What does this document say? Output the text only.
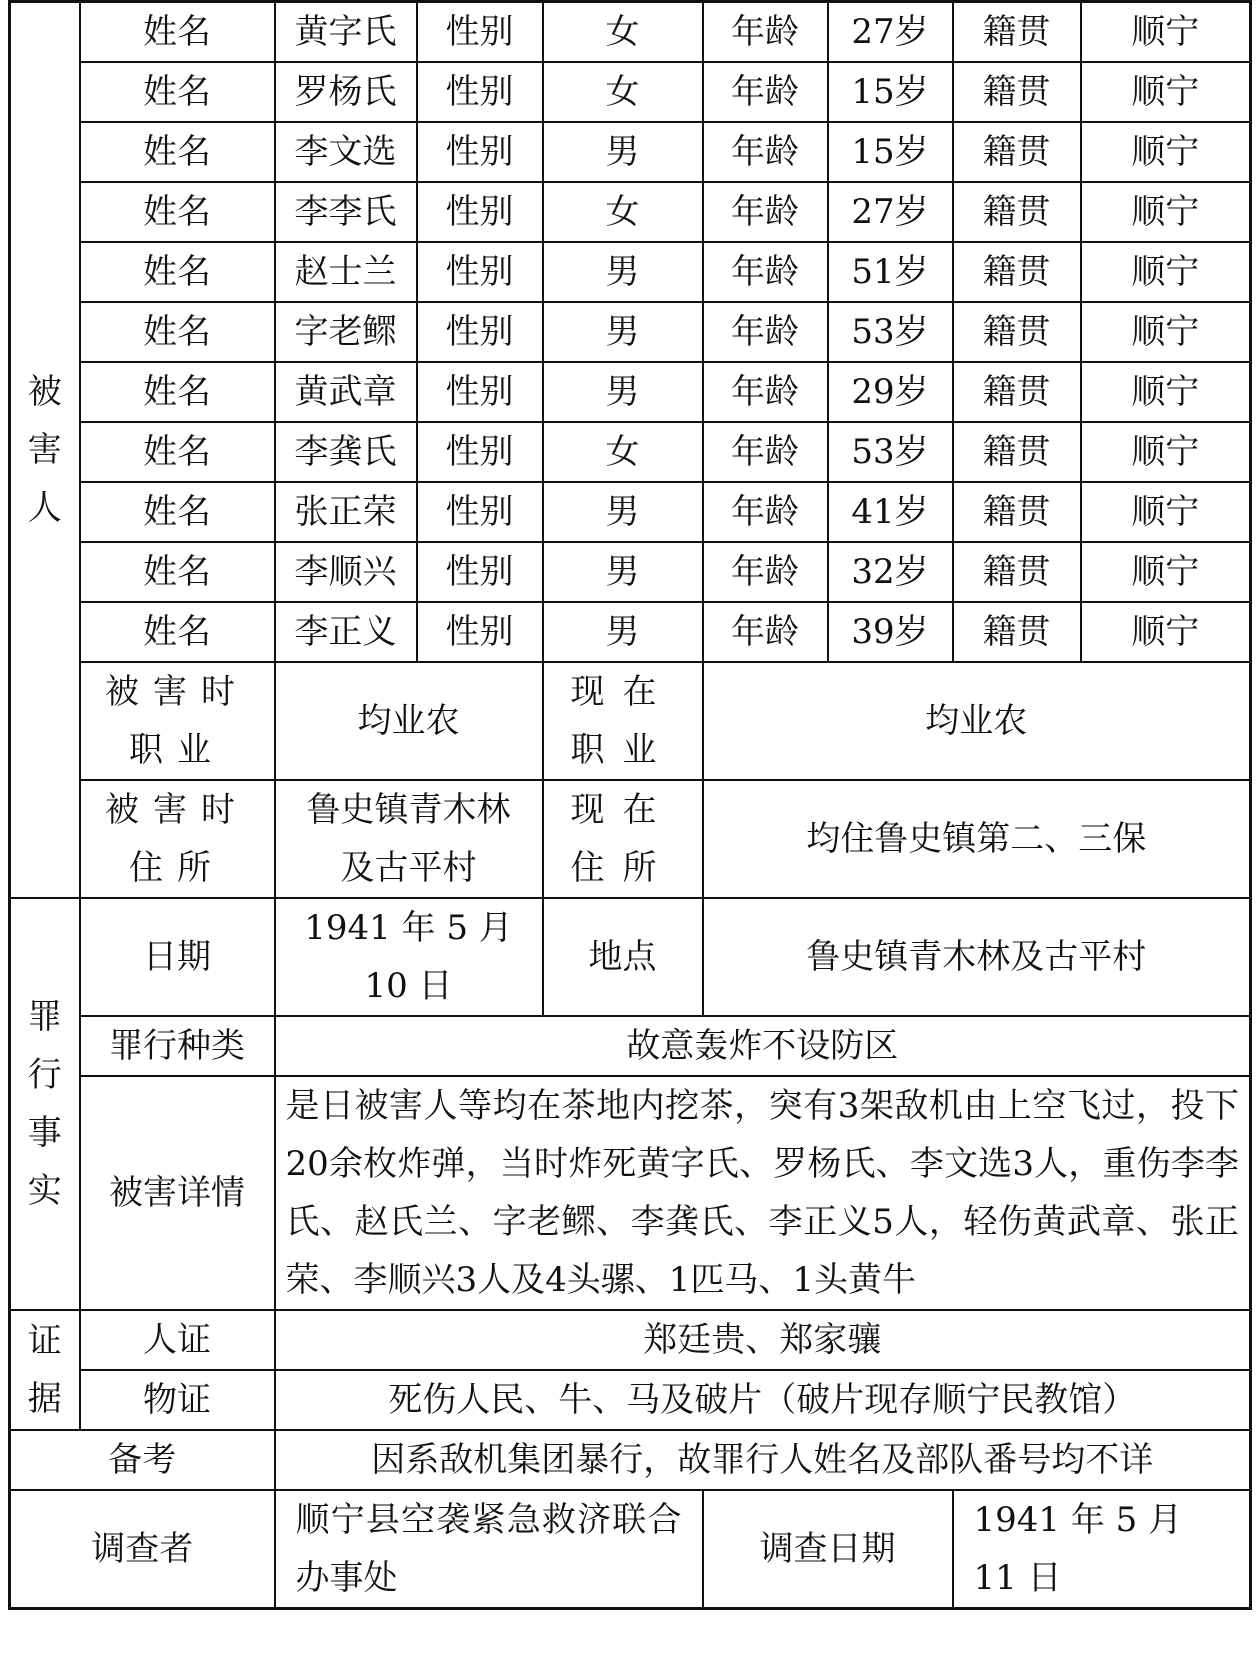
被
害
人	姓名	黄字氏	性别	女	年龄	27岁	籍贯	顺宁
	姓名	罗杨氏	性别	女	年龄	15岁	籍贯	顺宁
	姓名	李文选	性别	男	年龄	15岁	籍贯	顺宁
	姓名	李李氏	性别	女	年龄	27岁	籍贯	顺宁
	姓名	赵士兰	性别	男	年龄	51岁	籍贯	顺宁
	姓名	字老鳏	性别	男	年龄	53岁	籍贯	顺宁
	姓名	黄武章	性别	男	年龄	29岁	籍贯	顺宁
	姓名	李龚氏	性别	女	年龄	53岁	籍贯	顺宁
	姓名	张正荣	性别	男	年龄	41岁	籍贯	顺宁
	姓名	李顺兴	性别	男	年龄	32岁	籍贯	顺宁
	姓名	李正义	性别	男	年龄	39岁	籍贯	顺宁
	被害时职业	均业农		现在职业	均业农			
	被害时住所	鲁史镇青木林及古平村		现在住所	均住鲁史镇第二、三保			

罪
行
事
实	日期	1941 年 5 月 10 日		地点	鲁史镇青木林及古平村			
	罪行种类	故意轰炸不设防区						
	被害详情	是日被害人等均在茶地内挖茶，突有3架敌机由上空飞过，投下20余枚炸弹，当时炸死黄字氏、罗杨氏、李文选3人，重伤李李氏、赵氏兰、字老鳏、李龚氏、李正义5人，轻伤黄武章、张正荣、李顺兴3人及4头骡、1匹马、1头黄牛						

证
据	人证	郑廷贵、郑家骧						
	物证	死伤人民、牛、马及破片（破片现存顺宁民教馆）						
备考		因系敌机集团暴行，故罪行人姓名及部队番号均不详						
调查者		顺宁县空袭紧急救济联合办事处			调查日期		1941 年 5 月 11 日	
